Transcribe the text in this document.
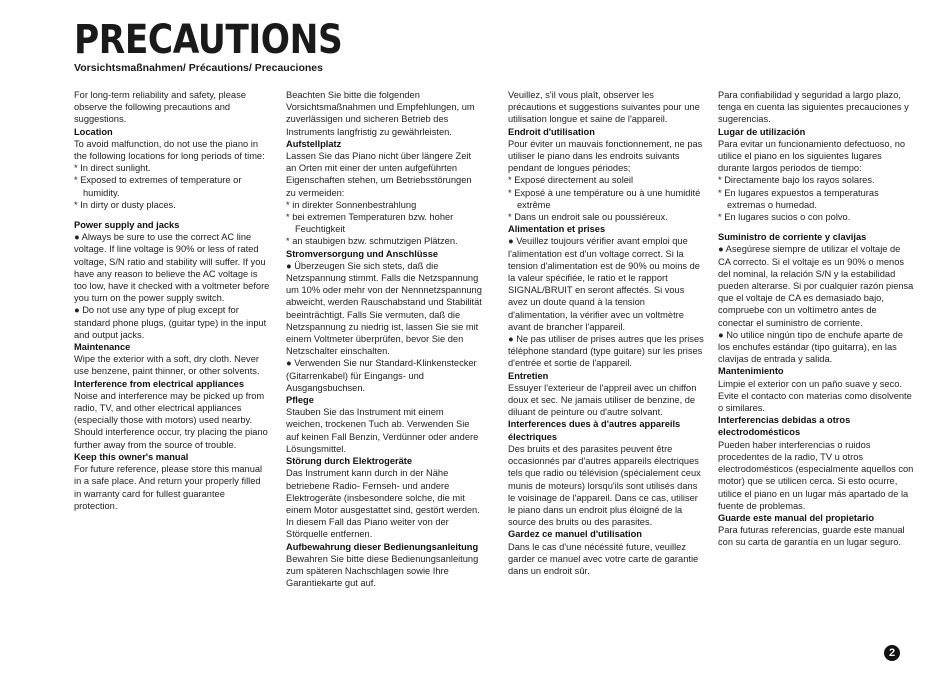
PRECAUTIONS

Vorsichtsmaßnahmen/ Précautions/ Precauciones

For long-term reliability and safety, please observe the following precautions and suggestions.

Location

To avoid malfunction, do not use the piano in the following locations for long periods of time:

* In direct sunlight.
* Exposed to extremes of temperature or humidity.
* In dirty or dusty places.

Power supply and jacks

● Always be sure to use the correct AC line voltage. If line voltage is 90% or less of rated voltage, S/N ratio and stability will suffer. If you have any reason to believe the AC voltage is too low, have it checked with a voltmeter before you turn on the power supply switch.
● Do not use any type of plug except for standard phone plugs, (guitar type) in the input and output jacks.

Maintenance

Wipe the exterior with a soft, dry cloth. Never use benzene, paint thinner, or other solvents.

Interference from electrical appliances

Noise and interference may be picked up from radio, TV, and other electrical appliances (especially those with motors) used nearby. Should interference occur, try placing the piano further away from the source of trouble.

Keep this owner's manual

For future reference, please store this manual in a safe place. And return your properly filled in warranty card for fullest guarantee protection.

Beachten Sie bitte die folgenden Vorsichtsmaßnahmen und Empfehlungen, um zuverlässigen und sicheren Betrieb des Instruments langfristig zu gewährleisten.

Aufstellplatz

Lassen Sie das Piano nicht über längere Zeit an Orten mit einer der unten aufgeführten Eigenschaften stehen, um Betriebsstörungen zu vermeiden:

* in direkter Sonnenbestrahlung
* bei extremen Temperaturen bzw. hoher Feuchtigkeit
* an staubigen bzw. schmutzigen Plätzen.

Stromversorgung und Anschlüsse

● Überzeugen Sie sich stets, daß die Netzspannung stimmt. Falls die Netzspannung um 10% oder mehr von der Nennnetzspannung abweicht, werden Rauschabstand und Stabilität beeinträchtigt. Falls Sie vermuten, daß die Netzspannung zu niedrig ist, lassen Sie sie mit einem Voltmeter überprüfen, bevor Sie den Netzschalter einschalten.
● Verwenden Sie nur Standard-Klinkenstecker (Gitarrenkabel) für Eingangs- und Ausgangsbuchsen.

Pflege

Stauben Sie das Instrument mit einem weichen, trockenen Tuch ab. Verwenden Sie auf keinen Fall Benzin, Verdünner oder andere Lösungsmittel.

Störung durch Elektrogeräte

Das Instrument kann durch in der Nähe betriebene Radio- Fernseh- und andere Elektrogeräte (insbesondere solche, die mit einem Motor ausgestattet sind, gestört werden. In diesem Fall das Piano weiter von der Störquelle entfernen.

Aufbewahrung dieser Bedienungsanleitung

Bewahren Sie bitte diese Bedienungsanleitung zum späteren Nachschlagen sowie Ihre Garantiekarte gut auf.

Veuillez, s'il vous plaît, observer les précautions et suggestions suivantes pour une utilisation longue et saine de l'appareil.

Endroit d'utilisation

Pour éviter un mauvais fonctionnement, ne pas utiliser le piano dans les endroits suivants pendant de longues périodes;

* Exposé directement au soleil
* Exposé à une température ou à une humidité extrême
* Dans un endroit sale ou poussiéreux.

Alimentation et prises

● Veuillez toujours vérifier avant emploi que l'alimentation est d'un voltage correct. Si la tension d'alimentation est de 90% ou moins de la valeur spécifiée, le ratio et le rapport SIGNAL/BRUIT en seront affectés. Si vous avez un doute quand à la tension d'alimentation, la vérifier avec un voltmètre avant de brancher l'appareil.
● Ne pas utiliser de prises autres que les prises téléphone standard (type guitare) sur les prises d'entrée et sortie de l'appareil.

Entretien

Essuyer l'exterieur de l'appreil avec un chiffon doux et sec. Ne jamais utiliser de benzine, de diluant de peinture ou d'autre solvant.

Interferences dues à d'autres appareils électriques

Des bruits et des parasites peuvent être occasionnés par d'autres appareils électriques tels que radio ou télévision (spécialement ceux munis de moteurs) lorsqu'ils sont utilisés dans le voisinage de l'appareil. Dans ce cas, utiliser le piano dans un endroit plus éloigné de la source des bruits ou des parasites.

Gardez ce manuel d'utilisation

Dans le cas d'une nécéssité future, veuillez garder ce manuel avec votre carte de garantie dans un endroit sûr.

Para confiabilidad y seguridad a largo plazo, tenga en cuenta las siguientes precauciones y sugerencias.

Lugar de utilización

Para evitar un funcionamiento defectuoso, no utilice el piano en los siguientes lugares durante largos periodos de tiempo:

* Directamente bajo los rayos solares.
* En lugares expuestos a temperaturas extremas o humedad.
* En lugares sucios o con polvo.

Suministro de corriente y clavijas

● Asegúrese siempre de utilizar el voltaje de CA correcto. Si el voltaje es un 90% o menos del nominal, la relación S/N y la estabilidad pueden alterarse. Si por cualquier razón piensa que el voltaje de CA es demasiado bajo, compruebe con un voltímetro antes de conectar el suministro de corriente.
● No utilice ningún tipo de enchufe aparte de los enchufes estándar (tipo guitarra), en las clavijas de entrada y salida.

Mantenimiento

Limpie el exterior con un paño suave y seco. Evite el contacto con materias como disolvente o similares.

Interferencias debidas a otros electrodomésticos

Pueden haber interferencias o ruidos procedentes de la radio, TV u otros electrodomésticos (especialmente aquellos con motor) que se utilicen cerca. Si esto ocurre, utilice el piano en un lugar más apartado de la fuente de problemas.

Guarde este manual del propietario

Para futuras referencias, guarde este manual con su carta de garantía en un lugar seguro.

2
